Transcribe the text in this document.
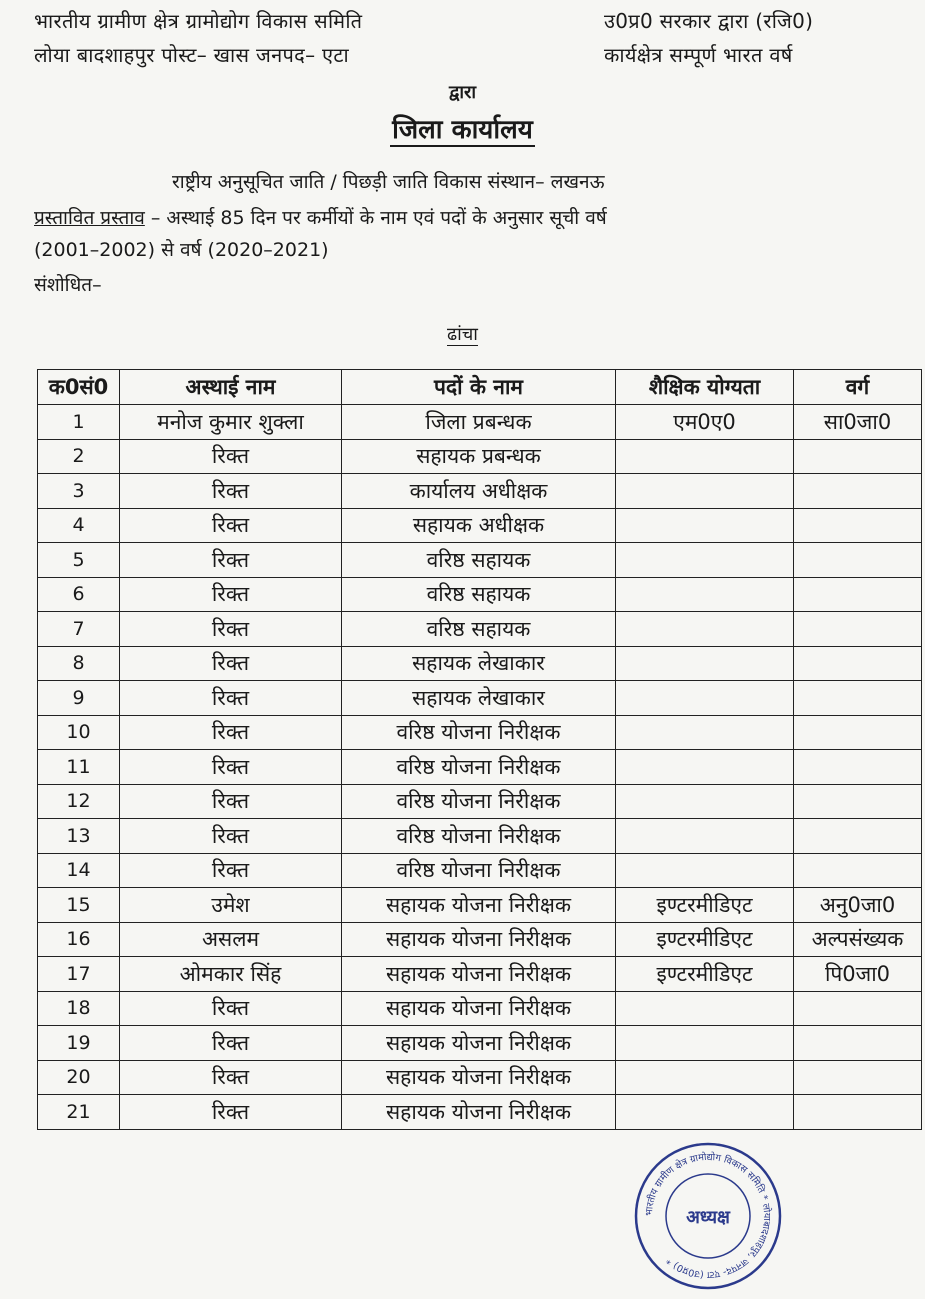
भारतीय ग्रामीण क्षेत्र ग्रामोद्योग विकास समिति
लोया बादशाहपुर पोस्ट– खास जनपद– एटा
उ0प्र0 सरकार द्वारा (रजि0)
कार्यक्षेत्र सम्पूर्ण भारत वर्ष
द्वारा
जिला कार्यालय
राष्ट्रीय अनुसूचित जाति / पिछड़ी जाति विकास संस्थान– लखनऊ
प्रस्तावित प्रस्ताव – अस्थाई 85 दिन पर कर्मीयों के नाम एवं पदों के अनुसार सूची वर्ष
(2001–2002) से वर्ष (2020–2021)
संशोधित–
ढांचा
क0सं0	अस्थाई नाम	पदों के नाम	शैक्षिक योग्यता	वर्ग
1	मनोज कुमार शुक्ला	जिला प्रबन्धक	एम0ए0	सा0जा0
2	रिक्त	सहायक प्रबन्धक		
3	रिक्त	कार्यालय अधीक्षक		
4	रिक्त	सहायक अधीक्षक		
5	रिक्त	वरिष्ठ सहायक		
6	रिक्त	वरिष्ठ सहायक		
7	रिक्त	वरिष्ठ सहायक		
8	रिक्त	सहायक लेखाकार		
9	रिक्त	सहायक लेखाकार		
10	रिक्त	वरिष्ठ योजना निरीक्षक		
11	रिक्त	वरिष्ठ योजना निरीक्षक		
12	रिक्त	वरिष्ठ योजना निरीक्षक		
13	रिक्त	वरिष्ठ योजना निरीक्षक		
14	रिक्त	वरिष्ठ योजना निरीक्षक		
15	उमेश	सहायक योजना निरीक्षक	इण्टरमीडिएट	अनु0जा0
16	असलम	सहायक योजना निरीक्षक	इण्टरमीडिएट	अल्पसंख्यक
17	ओमकार सिंह	सहायक योजना निरीक्षक	इण्टरमीडिएट	पि0जा0
18	रिक्त	सहायक योजना निरीक्षक		
19	रिक्त	सहायक योजना निरीक्षक		
20	रिक्त	सहायक योजना निरीक्षक		
21	रिक्त	सहायक योजना निरीक्षक		
भारतीय ग्रामीण क्षेत्र ग्रामोद्योग विकास समिति * लोयाबादशाहपुर, जनपद- एटा (उ0प्र0) *
अध्यक्ष
